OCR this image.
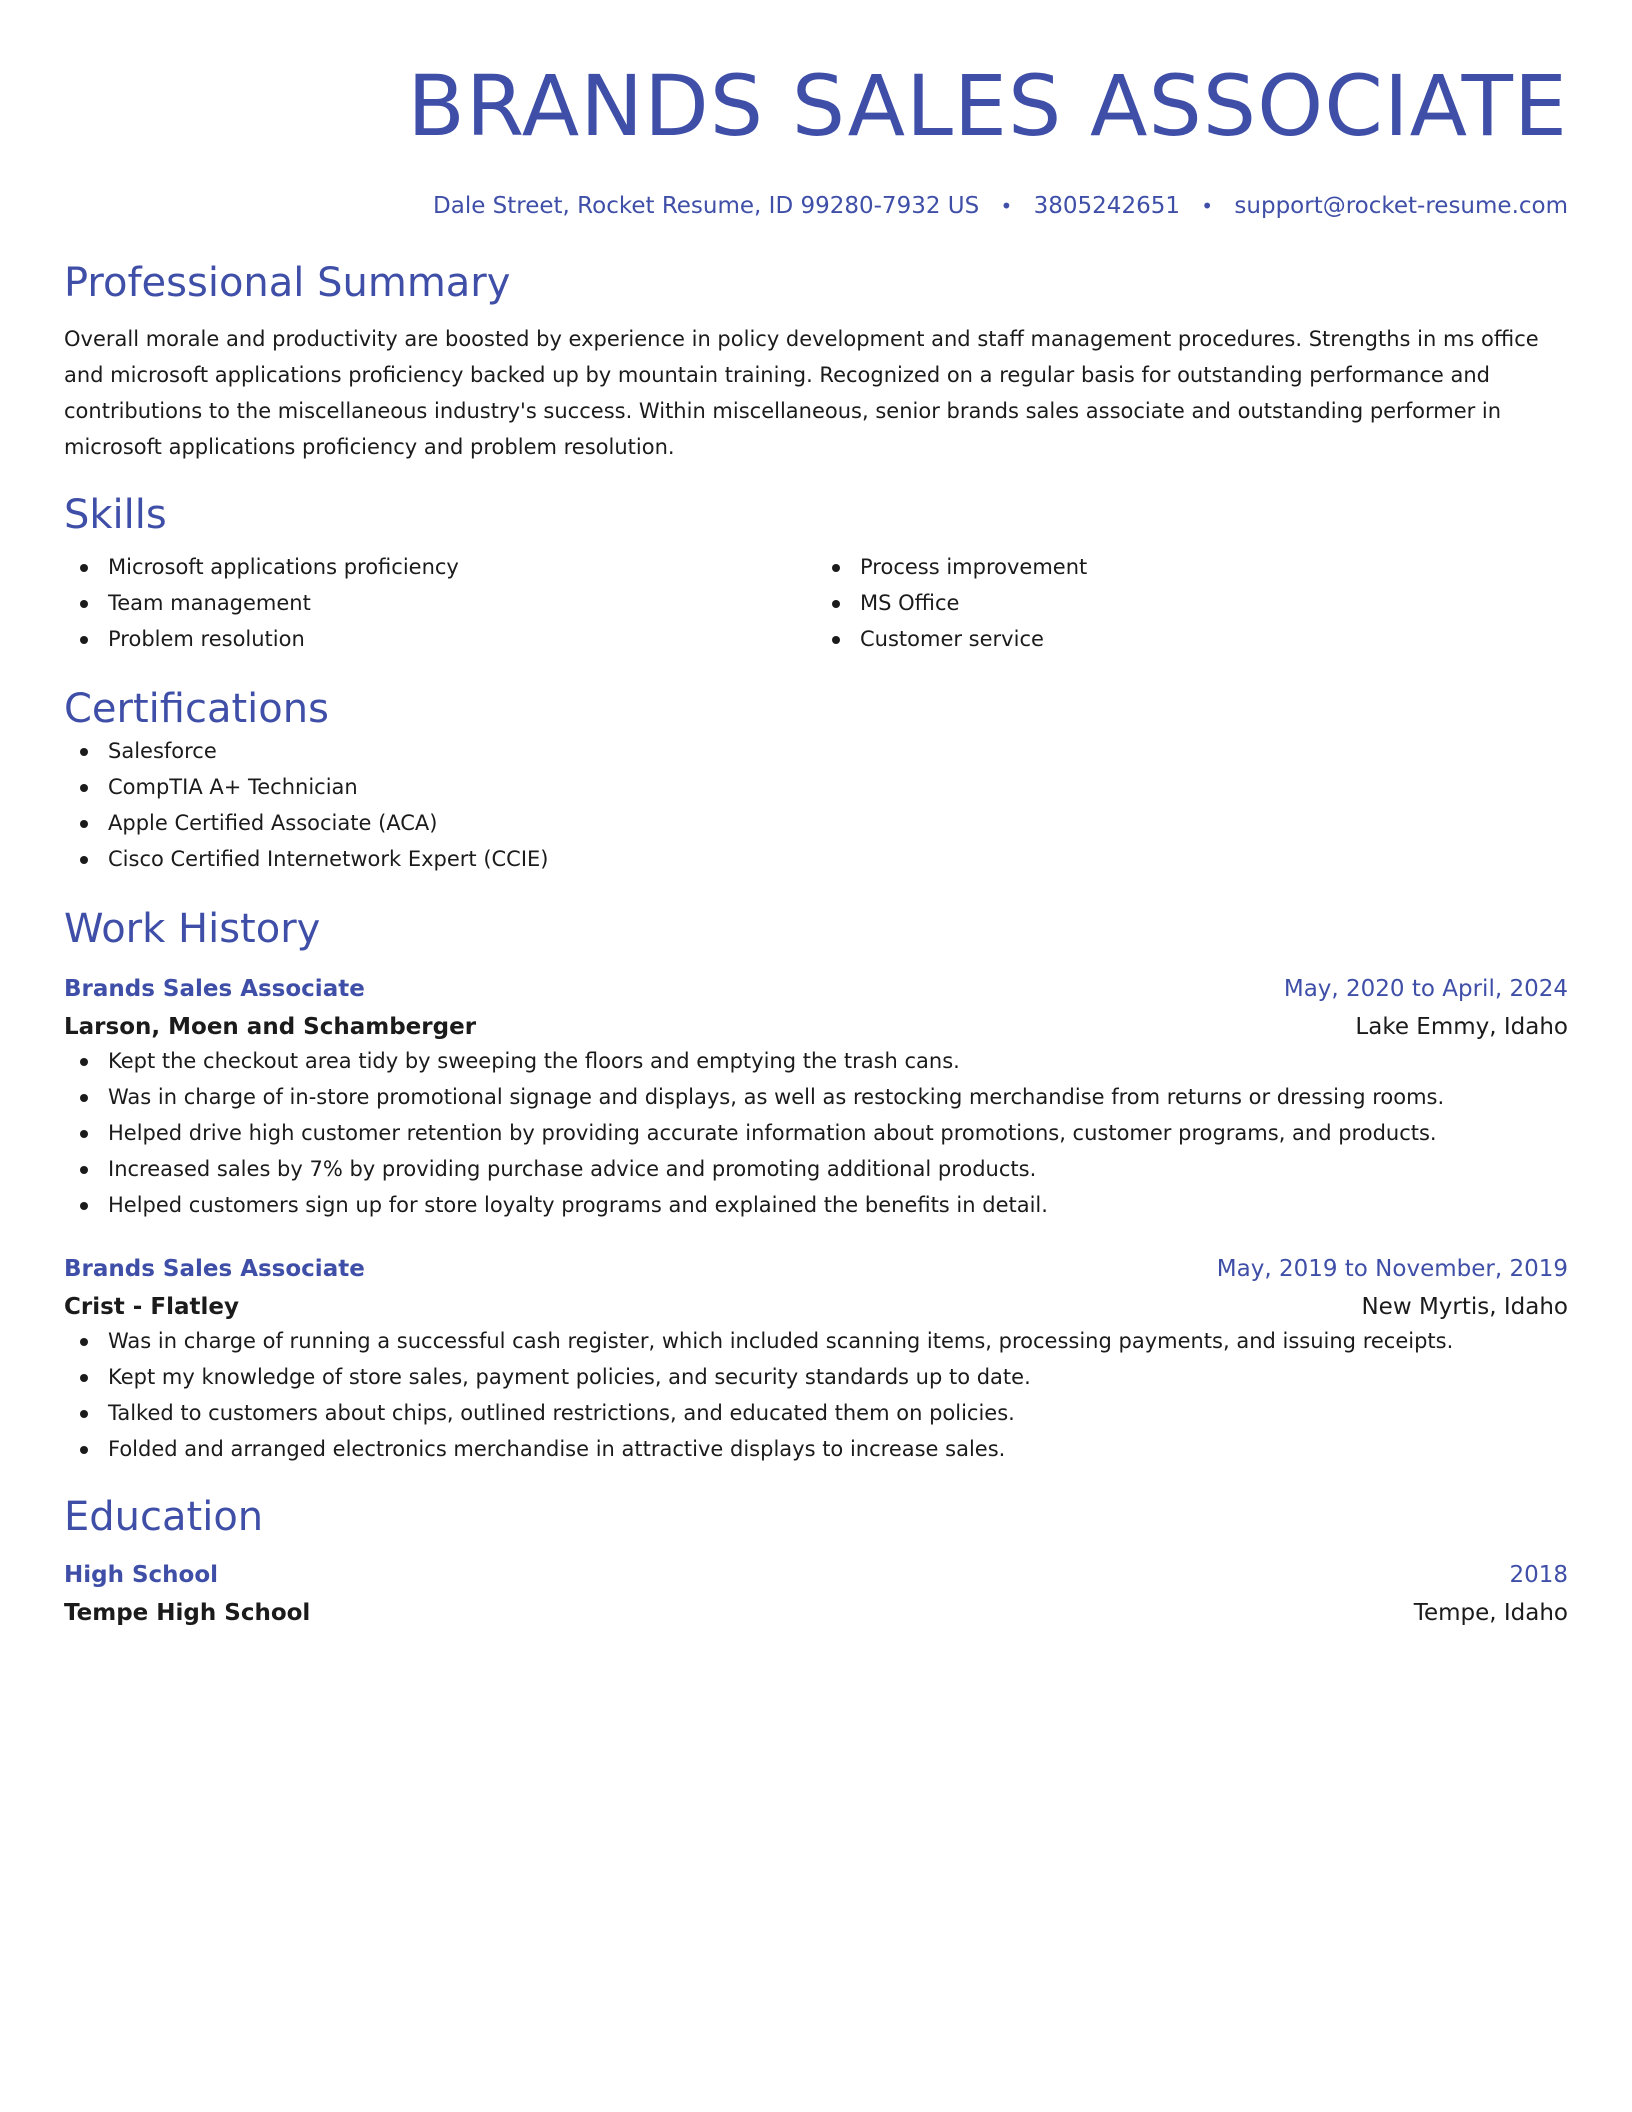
BRANDS SALES ASSOCIATE
Dale Street, Rocket Resume, ID 99280-7932 US • 3805242651 • support@rocket-resume.com
Professional Summary

Overall morale and productivity are boosted by experience in policy development and staff management procedures. Strengths in ms office and microsoft applications proficiency backed up by mountain training. Recognized on a regular basis for outstanding performance and contributions to the miscellaneous industry's success. Within miscellaneous, senior brands sales associate and outstanding performer in microsoft applications proficiency and problem resolution.

Skills
Microsoft applications proficiency
Team management
Problem resolution
Process improvement
MS Office
Customer service
Certifications
Salesforce
CompTIA A+ Technician
Apple Certified Associate (ACA)
Cisco Certified Internetwork Expert (CCIE)
Work History
Brands Sales Associate	May, 2020 to April, 2024
Larson, Moen and Schamberger	Lake Emmy, Idaho
Kept the checkout area tidy by sweeping the floors and emptying the trash cans.
Was in charge of in-store promotional signage and displays, as well as restocking merchandise from returns or dressing rooms.
Helped drive high customer retention by providing accurate information about promotions, customer programs, and products.
Increased sales by 7% by providing purchase advice and promoting additional products.
Helped customers sign up for store loyalty programs and explained the benefits in detail.
Brands Sales Associate	May, 2019 to November, 2019
Crist - Flatley	New Myrtis, Idaho
Was in charge of running a successful cash register, which included scanning items, processing payments, and issuing receipts.
Kept my knowledge of store sales, payment policies, and security standards up to date.
Talked to customers about chips, outlined restrictions, and educated them on policies.
Folded and arranged electronics merchandise in attractive displays to increase sales.
Education
High School	2018
Tempe High School	Tempe, Idaho
